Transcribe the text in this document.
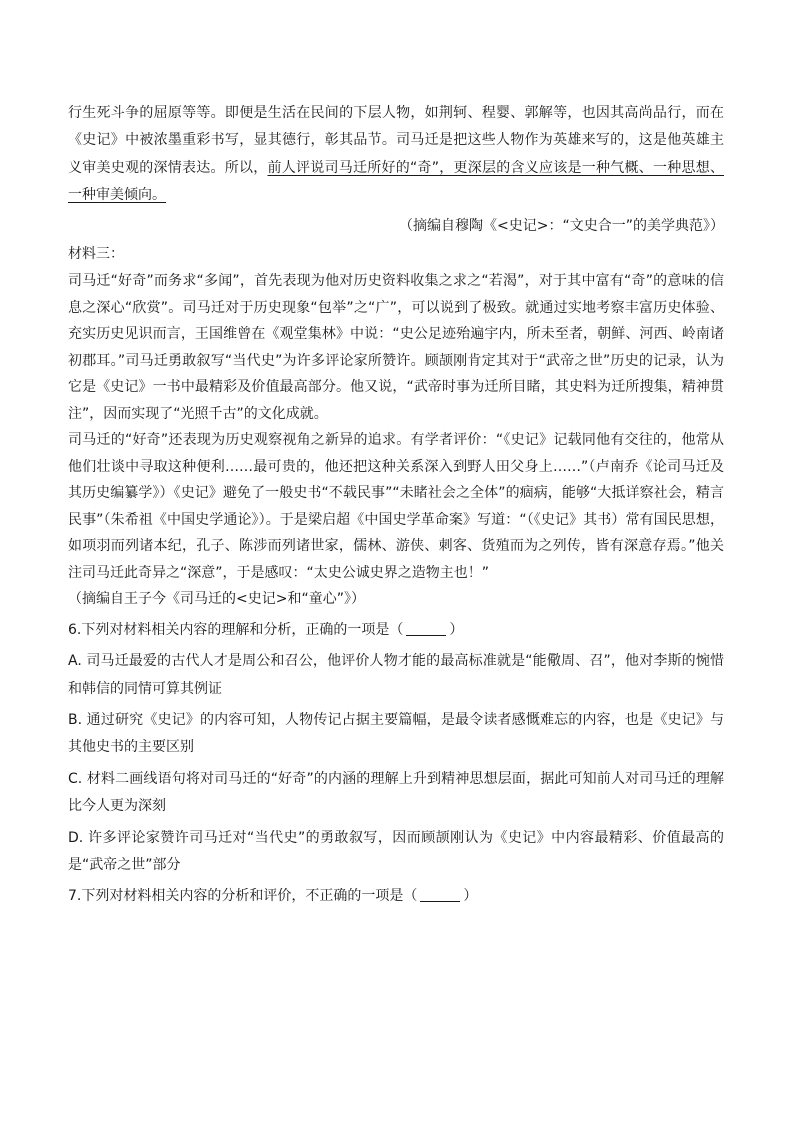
行生死斗争的屈原等等。即便是生活在民间的下层人物，如荆轲、程婴、郭解等，也因其高尚品行，而在《史记》中被浓墨重彩书写，显其德行，彰其品节。司马迁是把这些人物作为英雄来写的，这是他英雄主义审美史观的深情表达。所以，前人评说司马迁所好的“奇”，更深层的含义应该是一种气概、一种思想、一种审美倾向。

（摘编自穆陶《<史记>：“文史合一”的美学典范》）

材料三：

司马迁“好奇”而务求“多闻”，首先表现为他对历史资料收集之求之“若渴”，对于其中富有“奇”的意味的信息之深心“欣赏”。司马迁对于历史现象“包举”之“广”，可以说到了极致。就通过实地考察丰富历史体验、充实历史见识而言，王国维曾在《观堂集林》中说：“史公足迹殆遍宇内，所未至者，朝鲜、河西、岭南诸初郡耳。”司马迁勇敢叙写“当代史”为许多评论家所赞许。顾颉刚肯定其对于“武帝之世”历史的记录，认为它是《史记》一书中最精彩及价值最高部分。他又说，“武帝时事为迁所目睹，其史料为迁所搜集，精神贯注”，因而实现了“光照千古”的文化成就。

司马迁的“好奇”还表现为历史观察视角之新异的追求。有学者评价：“《史记》记载同他有交往的，他常从他们壮谈中寻取这种便利……最可贵的，他还把这种关系深入到野人田父身上……”（卢南乔《论司马迁及其历史编纂学》）《史记》避免了一般史书“不载民事”“未睹社会之全体”的痼病，能够“大抵详察社会，精言民事”（朱希祖《中国史学通论》）。于是梁启超《中国史学革命案》写道：“（《史记》其书）常有国民思想，如项羽而列诸本纪，孔子、陈涉而列诸世家，儒林、游侠、刺客、货殖而为之列传，皆有深意存焉。”他关注司马迁此奇异之“深意”，于是感叹：“太史公诚史界之造物主也！”

（摘编自王子今《司马迁的<史记>和“童心”》）

6.下列对材料相关内容的理解和分析，正确的一项是（	）

A. 司马迁最爱的古代人才是周公和召公，他评价人物才能的最高标准就是“能儆周、召”，他对李斯的惋惜和韩信的同情可算其例证

B. 通过研究《史记》的内容可知，人物传记占据主要篇幅，是最令读者感慨难忘的内容，也是《史记》与其他史书的主要区别

C. 材料二画线语句将对司马迁的“好奇”的内涵的理解上升到精神思想层面，据此可知前人对司马迁的理解比今人更为深刻

D. 许多评论家赞许司马迁对“当代史”的勇敢叙写，因而顾颉刚认为《史记》中内容最精彩、价值最高的是“武帝之世”部分

7.下列对材料相关内容的分析和评价，不正确的一项是（	）
